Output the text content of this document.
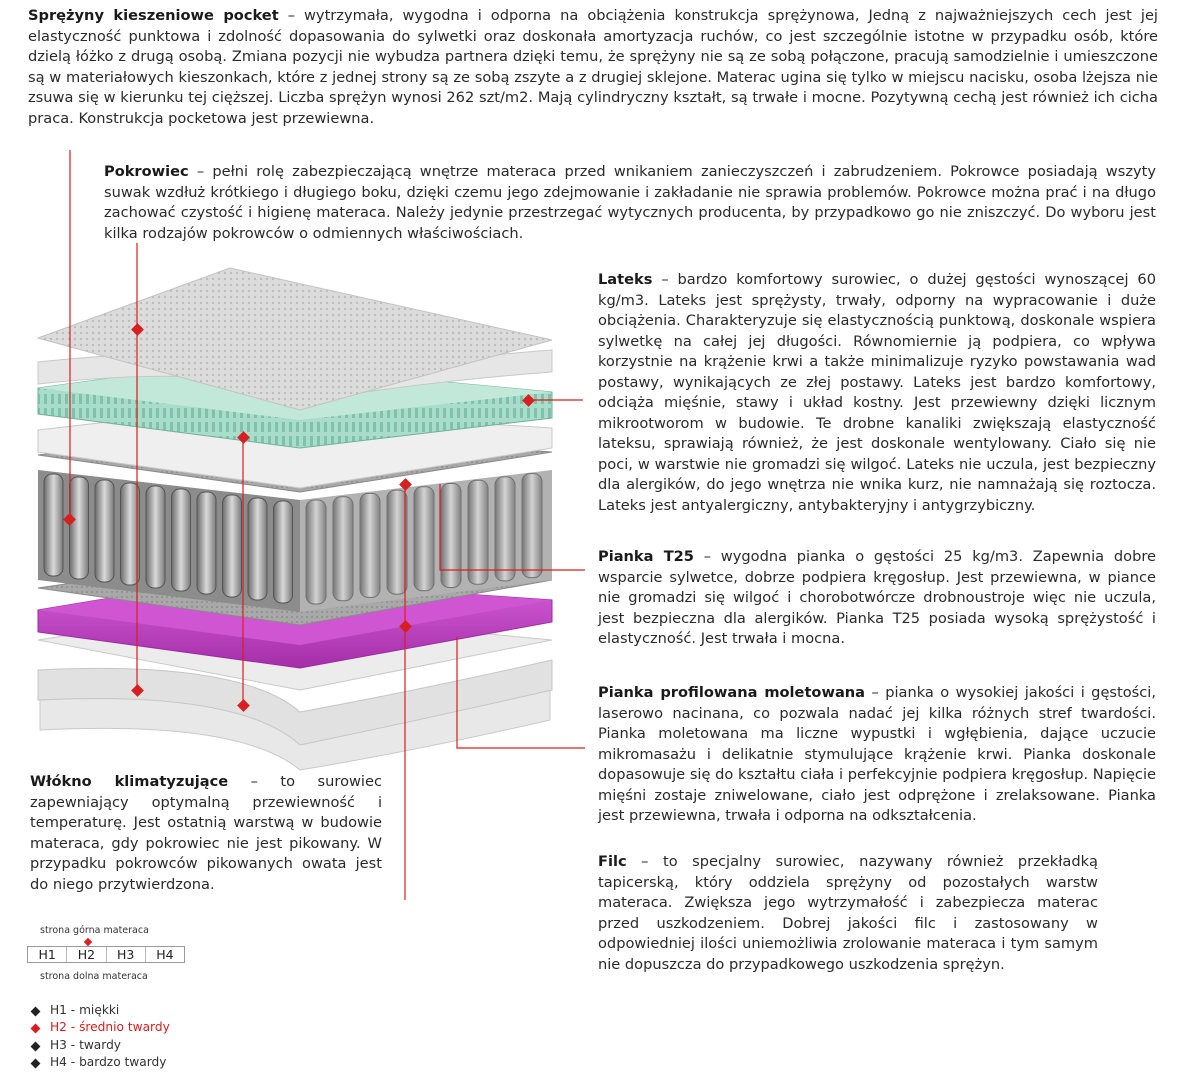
Sprężyny kieszeniowe pocket – wytrzymała, wygodna i odporna na obciążenia konstrukcja sprężynowa, Jedną z najważniejszych cech jest jej elastyczność punktowa i zdolność dopasowania do sylwetki oraz doskonała amortyzacja ruchów, co jest szczególnie istotne w przypadku osób, które dzielą łóżko z drugą osobą. Zmiana pozycji nie wybudza partnera dzięki temu, że sprężyny nie są ze sobą połączone, pracują samodzielnie i umieszczone są w materiałowych kieszonkach, które z jednej strony są ze sobą zszyte a z drugiej sklejone. Materac ugina się tylko w miejscu nacisku, osoba lżejsza nie zsuwa się w kierunku tej cięższej. Liczba sprężyn wynosi 262 szt/m2. Mają cylindryczny kształt, są trwałe i mocne. Pozytywną cechą jest również ich cicha praca. Konstrukcja pocketowa jest przewiewna.

Pokrowiec – pełni rolę zabezpieczającą wnętrze materaca przed wnikaniem zanieczyszczeń i zabrudzeniem. Pokrowce posiadają wszyty suwak wzdłuż krótkiego i długiego boku, dzięki czemu jego zdejmowanie i zakładanie nie sprawia problemów. Pokrowce można prać i na długo zachować czystość i higienę materaca. Należy jedynie przestrzegać wytycznych producenta, by przypadkowo go nie zniszczyć. Do wyboru jest kilka rodzajów pokrowców o odmiennych właściwościach.

Lateks – bardzo komfortowy surowiec, o dużej gęstości wynoszącej 60 kg/m3. Lateks jest sprężysty, trwały, odporny na wypracowanie i duże obciążenia. Charakteryzuje się elastycznością punktową, doskonale wspiera sylwetkę na całej jej długości. Równomiernie ją podpiera, co wpływa korzystnie na krążenie krwi a także minimalizuje ryzyko powstawania wad postawy, wynikających ze złej postawy. Lateks jest bardzo komfortowy, odciąża mięśnie, stawy i układ kostny. Jest przewiewny dzięki licznym mikrootworom w budowie. Te drobne kanaliki zwiększają elastyczność lateksu, sprawiają również, że jest doskonale wentylowany. Ciało się nie poci, w warstwie nie gromadzi się wilgoć. Lateks nie uczula, jest bezpieczny dla alergików, do jego wnętrza nie wnika kurz, nie namnażają się roztocza. Lateks jest antyalergiczny, antybakteryjny i antygrzybiczny.

Pianka T25 – wygodna pianka o gęstości 25 kg/m3. Zapewnia dobre wsparcie sylwetce, dobrze podpiera kręgosłup. Jest przewiewna, w piance nie gromadzi się wilgoć i chorobotwórcze drobnoustroje więc nie uczula, jest bezpieczna dla alergików. Pianka T25 posiada wysoką sprężystość i elastyczność. Jest trwała i mocna.

Pianka profilowana moletowana – pianka o wysokiej jakości i gęstości, laserowo nacinana, co pozwala nadać jej kilka różnych stref twardości. Pianka moletowana ma liczne wypustki i wgłębienia, dające uczucie mikromasażu i delikatnie stymulujące krążenie krwi. Pianka doskonale dopasowuje się do kształtu ciała i perfekcyjnie podpiera kręgosłup. Napięcie mięśni zostaje zniwelowane, ciało jest odprężone i zrelaksowane. Pianka jest przewiewna, trwała i odporna na odkształcenia.

Filc – to specjalny surowiec, nazywany również przekładką tapicerską, który oddziela sprężyny od pozostałych warstw materaca. Zwiększa jego wytrzymałość i zabezpiecza materac przed uszkodzeniem. Dobrej jakości filc i zastosowany w odpowiedniej ilości uniemożliwia zrolowanie materaca i tym samym nie dopuszcza do przypadkowego uszkodzenia sprężyn.

Włókno klimatyzujące – to surowiec zapewniający optymalną przewiewność i temperaturę. Jest ostatnią warstwą w budowie materaca, gdy pokrowiec nie jest pikowany. W przypadku pokrowców pikowanych owata jest do niego przytwierdzona.

strona górna materaca
H1	H2	H3	H4
strona dolna materaca
H1 - miękki
H2 - średnio twardy
H3 - twardy
H4 - bardzo twardy
